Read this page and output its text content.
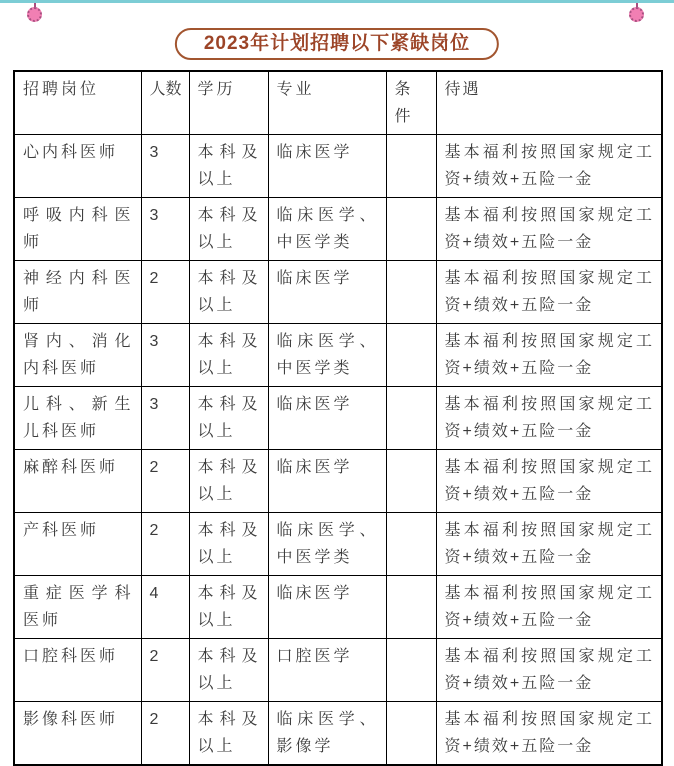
2023年计划招聘以下紧缺岗位
招聘岗位	人数	学历	专业	条件	待遇
心内科医师	3	本科及以上	临床医学		基本福利按照国家规定工资+绩效+五险一金
呼吸内科医师	3	本科及以上	临床医学、中医学类		基本福利按照国家规定工资+绩效+五险一金
神经内科医师	2	本科及以上	临床医学		基本福利按照国家规定工资+绩效+五险一金
肾内、消化内科医师	3	本科及以上	临床医学、中医学类		基本福利按照国家规定工资+绩效+五险一金
儿科、新生儿科医师	3	本科及以上	临床医学		基本福利按照国家规定工资+绩效+五险一金
麻醉科医师	2	本科及以上	临床医学		基本福利按照国家规定工资+绩效+五险一金
产科医师	2	本科及以上	临床医学、中医学类		基本福利按照国家规定工资+绩效+五险一金
重症医学科医师	4	本科及以上	临床医学		基本福利按照国家规定工资+绩效+五险一金
口腔科医师	2	本科及以上	口腔医学		基本福利按照国家规定工资+绩效+五险一金
影像科医师	2	本科及以上	临床医学、影像学		基本福利按照国家规定工资+绩效+五险一金
